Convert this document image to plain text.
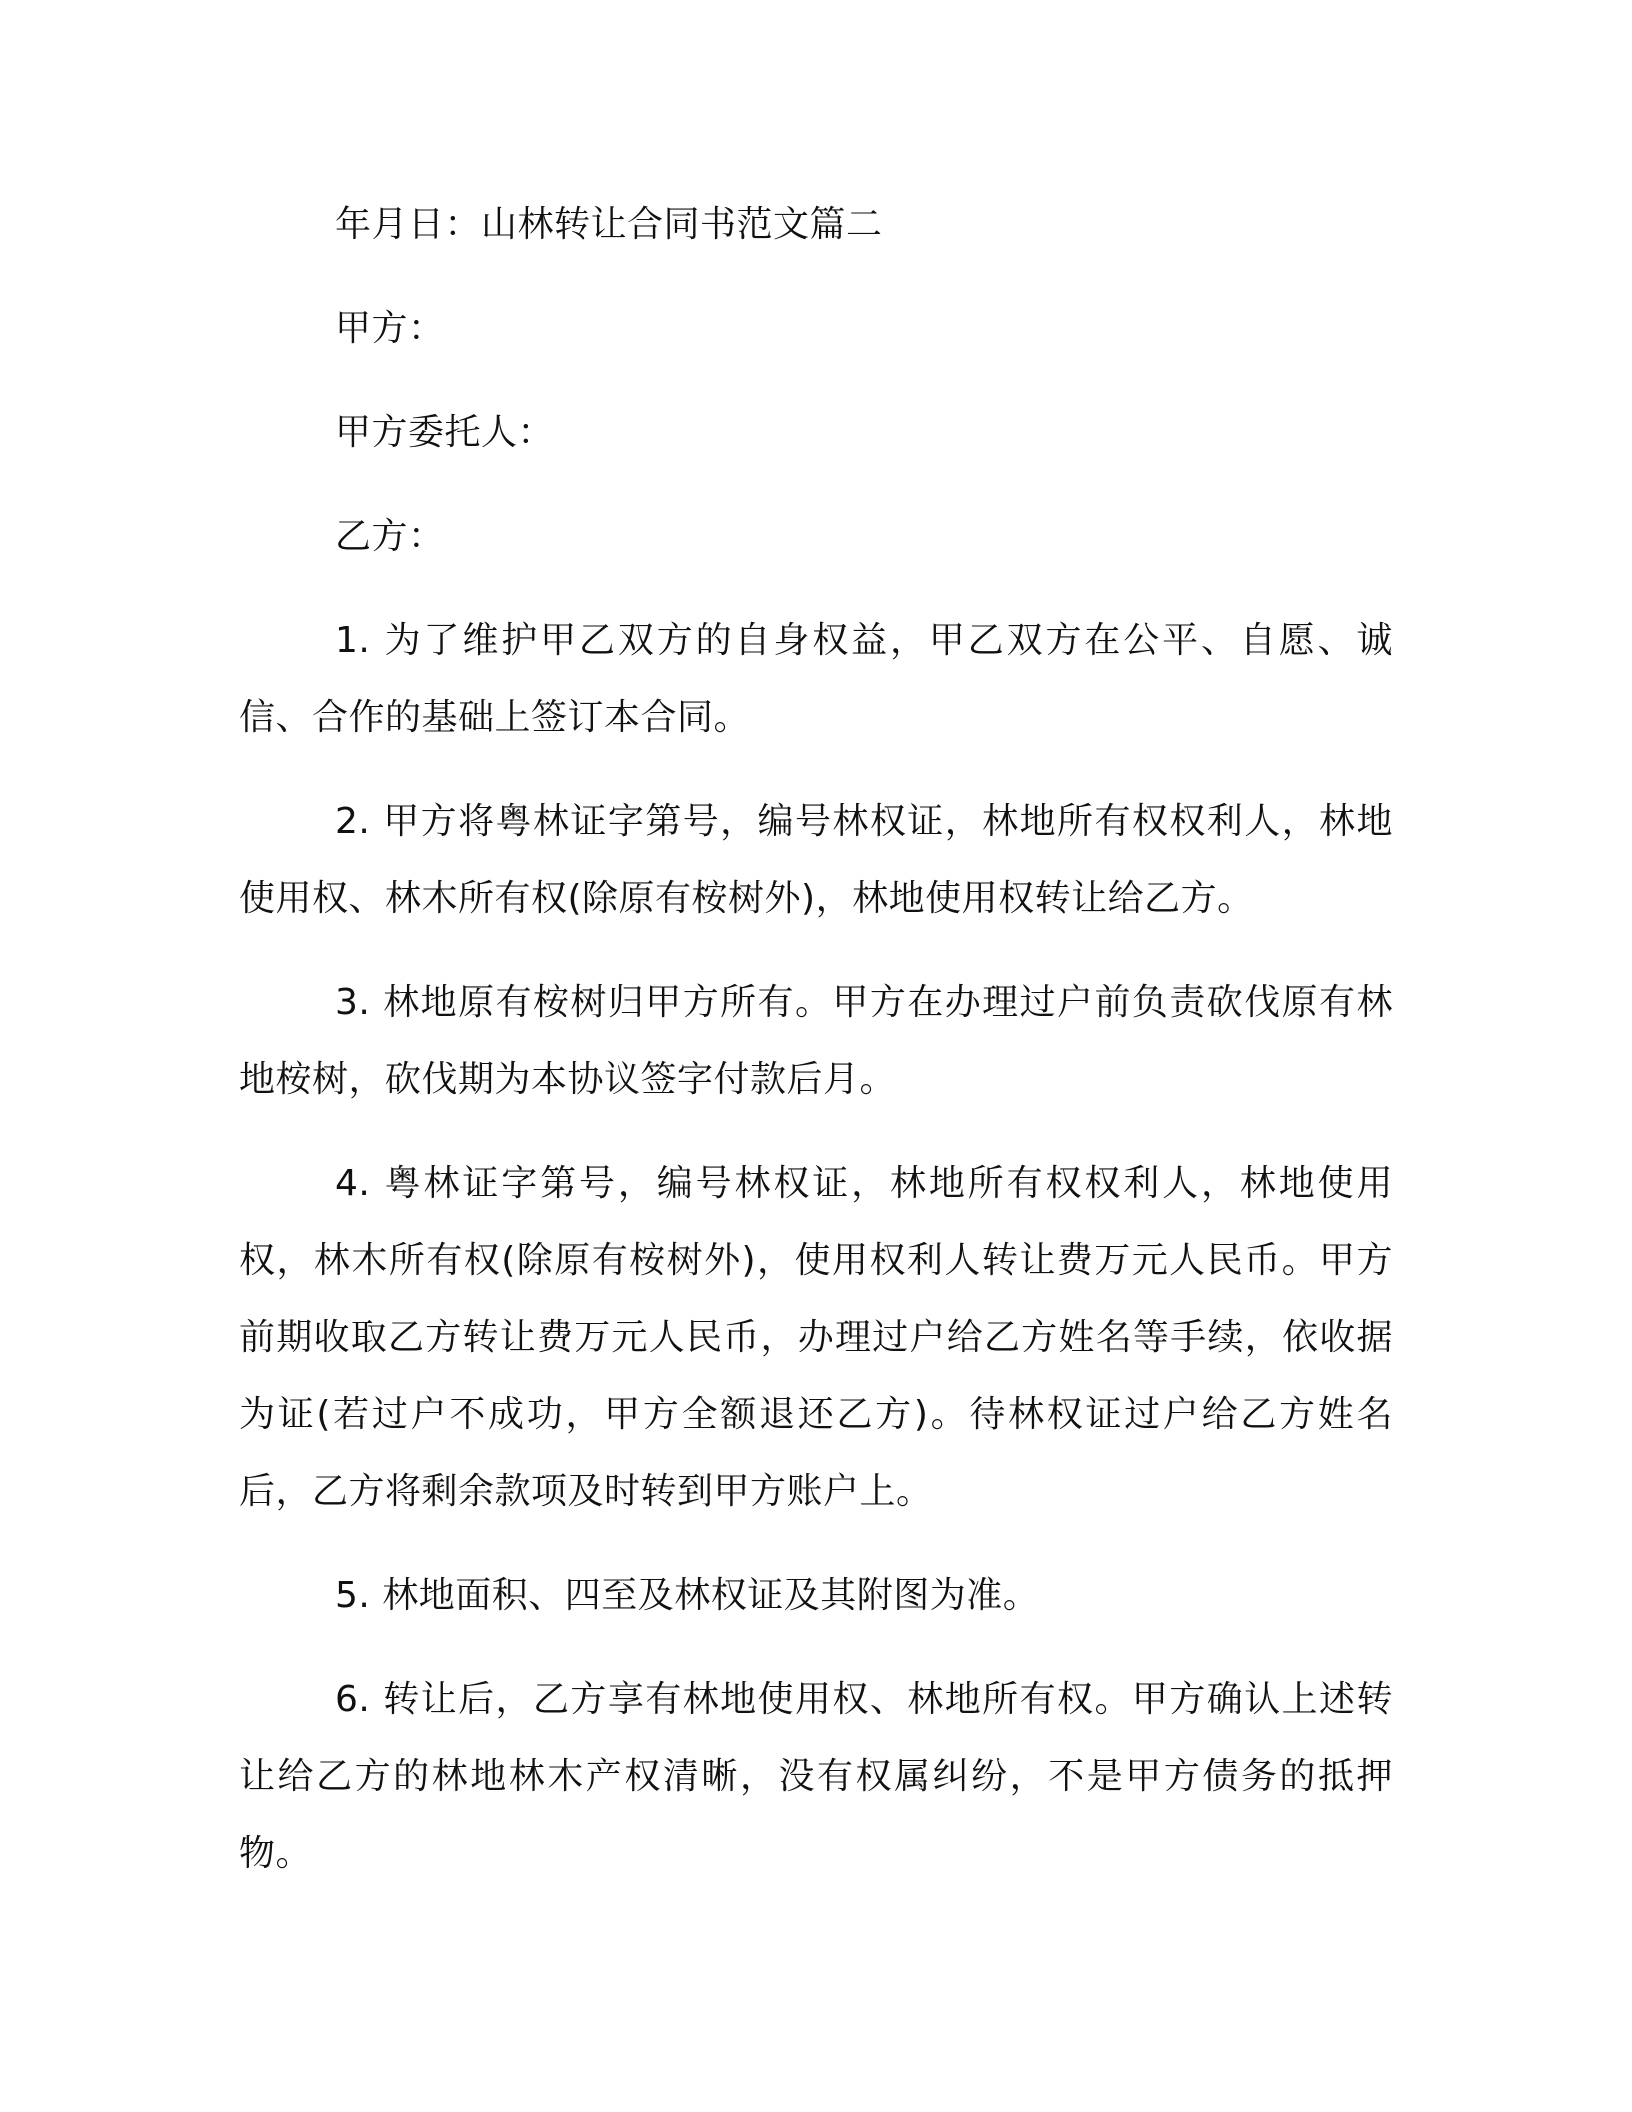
年月日：山林转让合同书范文篇二

甲方：

甲方委托人：

乙方：

1. 为了维护甲乙双方的自身权益，甲乙双方在公平、自愿、诚信、合作的基础上签订本合同。

2. 甲方将粤林证字第号，编号林权证，林地所有权权利人，林地使用权、林木所有权(除原有桉树外)，林地使用权转让给乙方。

3. 林地原有桉树归甲方所有。甲方在办理过户前负责砍伐原有林地桉树，砍伐期为本协议签字付款后月。

4. 粤林证字第号，编号林权证，林地所有权权利人，林地使用权，林木所有权(除原有桉树外)，使用权利人转让费万元人民币。甲方前期收取乙方转让费万元人民币，办理过户给乙方姓名等手续，依收据为证(若过户不成功，甲方全额退还乙方)。待林权证过户给乙方姓名后，乙方将剩余款项及时转到甲方账户上。

5. 林地面积、四至及林权证及其附图为准。

6. 转让后，乙方享有林地使用权、林地所有权。甲方确认上述转让给乙方的林地林木产权清晰，没有权属纠纷，不是甲方债务的抵押物。
